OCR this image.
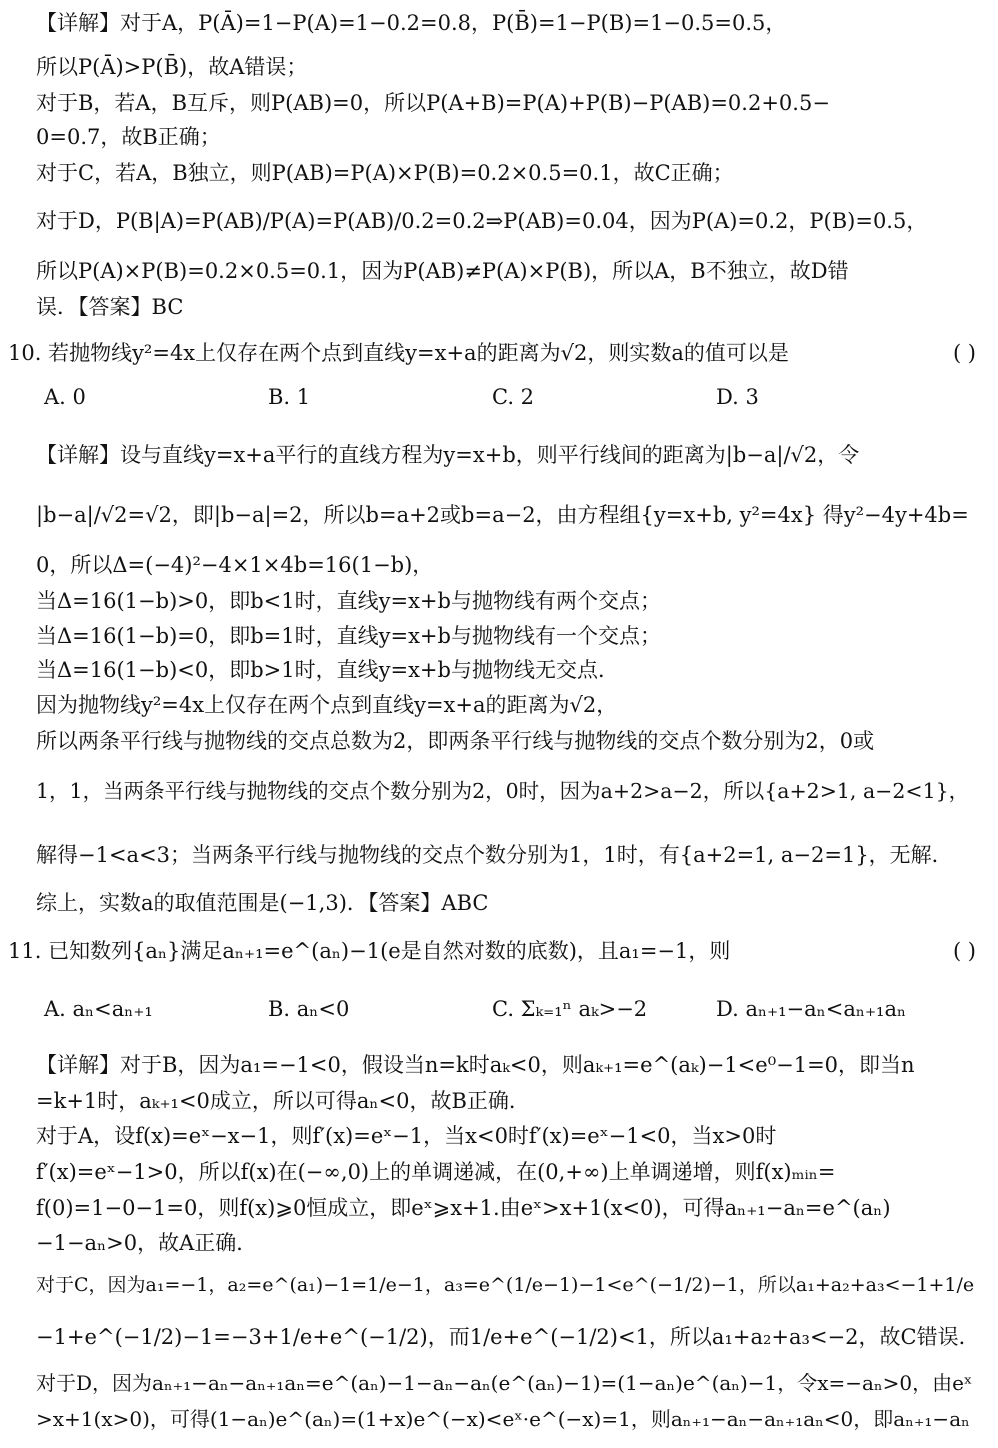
【详解】对于A，P(Ā)=1−P(A)=1−0.2=0.8，P(B̄)=1−P(B)=1−0.5=0.5，
所以P(Ā)>P(B̄)，故A错误；
对于B，若A，B互斥，则P(AB)=0，所以P(A+B)=P(A)+P(B)−P(AB)=0.2+0.5−
0=0.7，故B正确；
对于C，若A，B独立，则P(AB)=P(A)×P(B)=0.2×0.5=0.1，故C正确；
对于D，P(B|A)=P(AB)/P(A)=P(AB)/0.2=0.2⇒P(AB)=0.04，因为P(A)=0.2，P(B)=0.5，
所以P(A)×P(B)=0.2×0.5=0.1，因为P(AB)≠P(A)×P(B)，所以A，B不独立，故D错
误．【答案】BC
10. 若抛物线y²=4x上仅存在两个点到直线y=x+a的距离为√2，则实数a的值可以是	( )
A. 0	B. 1	C. 2	D. 3
【详解】设与直线y=x+a平行的直线方程为y=x+b，则平行线间的距离为|b−a|/√2，令
|b−a|/√2=√2，即|b−a|=2，所以b=a+2或b=a−2，由方程组{y=x+b, y²=4x} 得y²−4y+4b=
0，所以Δ=(−4)²−4×1×4b=16(1−b)，
当Δ=16(1−b)>0，即b<1时，直线y=x+b与抛物线有两个交点；
当Δ=16(1−b)=0，即b=1时，直线y=x+b与抛物线有一个交点；
当Δ=16(1−b)<0，即b>1时，直线y=x+b与抛物线无交点．
因为抛物线y²=4x上仅存在两个点到直线y=x+a的距离为√2，
所以两条平行线与抛物线的交点总数为2，即两条平行线与抛物线的交点个数分别为2，0或
1，1，当两条平行线与抛物线的交点个数分别为2，0时，因为a+2>a−2，所以{a+2>1, a−2<1}，
解得−1<a<3；当两条平行线与抛物线的交点个数分别为1，1时，有{a+2=1, a−2=1}，无解．
综上，实数a的取值范围是(−1,3)．【答案】ABC
11. 已知数列{aₙ}满足aₙ₊₁=e^(aₙ)−1(e是自然对数的底数)，且a₁=−1，则	( )
A. aₙ<aₙ₊₁	B. aₙ<0	C. Σₖ₌₁ⁿ aₖ>−2	D. aₙ₊₁−aₙ<aₙ₊₁aₙ
【详解】对于B，因为a₁=−1<0，假设当n=k时aₖ<0，则aₖ₊₁=e^(aₖ)−1<e⁰−1=0，即当n
=k+1时，aₖ₊₁<0成立，所以可得aₙ<0，故B正确．
对于A，设f(x)=eˣ−x−1，则f′(x)=eˣ−1，当x<0时f′(x)=eˣ−1<0，当x>0时
f′(x)=eˣ−1>0，所以f(x)在(−∞,0)上的单调递减，在(0,+∞)上单调递增，则f(x)ₘᵢₙ=
f(0)=1−0−1=0，则f(x)⩾0恒成立，即eˣ⩾x+1.由eˣ>x+1(x<0)，可得aₙ₊₁−aₙ=e^(aₙ)
−1−aₙ>0，故A正确．
对于C，因为a₁=−1，a₂=e^(a₁)−1=1/e−1，a₃=e^(1/e−1)−1<e^(−1/2)−1，所以a₁+a₂+a₃<−1+1/e
−1+e^(−1/2)−1=−3+1/e+e^(−1/2)，而1/e+e^(−1/2)<1，所以a₁+a₂+a₃<−2，故C错误．
对于D，因为aₙ₊₁−aₙ−aₙ₊₁aₙ=e^(aₙ)−1−aₙ−aₙ(e^(aₙ)−1)=(1−aₙ)e^(aₙ)−1，令x=−aₙ>0，由eˣ
>x+1(x>0)，可得(1−aₙ)e^(aₙ)=(1+x)e^(−x)<eˣ·e^(−x)=1，则aₙ₊₁−aₙ−aₙ₊₁aₙ<0，即aₙ₊₁−aₙ
